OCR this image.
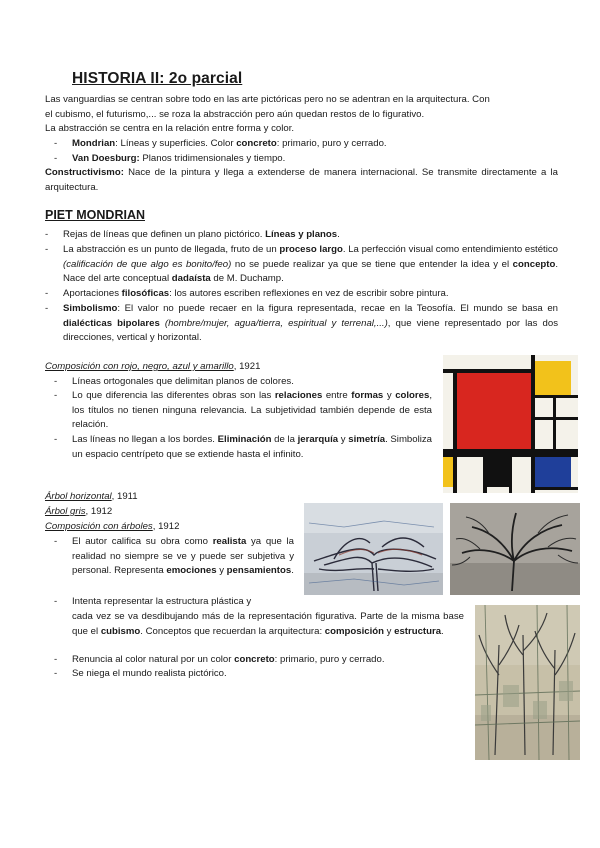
HISTORIA II: 2o parcial
Las vanguardias se centran sobre todo en las arte pictóricas pero no se adentran en la arquitectura. Con
el cubismo, el futurismo,... se roza la abstracción pero aún quedan restos de lo figurativo.
La abstracción se centra en la relación entre forma y color.
- Mondrian: Líneas y superficies. Color concreto: primario, puro y cerrado.
- Van Doesburg: Planos tridimensionales y tiempo.
Constructivismo: Nace de la pintura y llega a extenderse de manera internacional. Se transmite directamente a la arquitectura.
PIET MONDRIAN
- Rejas de líneas que definen un plano pictórico. Líneas y planos.
- La abstracción es un punto de llegada, fruto de un proceso largo. La perfección visual como entendimiento estético (calificación de que algo es bonito/feo) no se puede realizar ya que se tiene que entender la idea y el concepto. Nace del arte conceptual dadaísta de M. Duchamp.
- Aportaciones filosóficas: los autores escriben reflexiones en vez de escribir sobre pintura.
- Simbolismo: El valor no puede recaer en la figura representada, recae en la Teosofía. El mundo se basa en dialécticas bipolares (hombre/mujer, agua/tierra, espiritual y terrenal,...), que viene representado por las dos direcciones, vertical y horizontal.
Composición con rojo, negro, azul y amarillo, 1921
- Líneas ortogonales que delimitan planos de colores.
- Lo que diferencia las diferentes obras son las relaciones entre formas y colores, los títulos no tienen ninguna relevancia. La subjetividad también depende de esta relación.
- Las líneas no llegan a los bordes. Eliminación de la jerarquía y simetría. Simboliza un espacio centrípeto que se extiende hasta el infinito.
Árbol horizontal, 1911
Árbol gris, 1912
Composición con árboles, 1912
- El autor califica su obra como realista ya que la realidad no siempre se ve y puede ser subjetiva y personal. Representa emociones y pensamientos.
- Intenta representar la estructura plástica y
cada vez se va desdibujando más de la representación figurativa. Parte de la misma base que el cubismo. Conceptos que recuerdan la arquitectura: composición y estructura.
- Renuncia al color natural por un color concreto: primario, puro y cerrado.
- Se niega el mundo realista pictórico.
